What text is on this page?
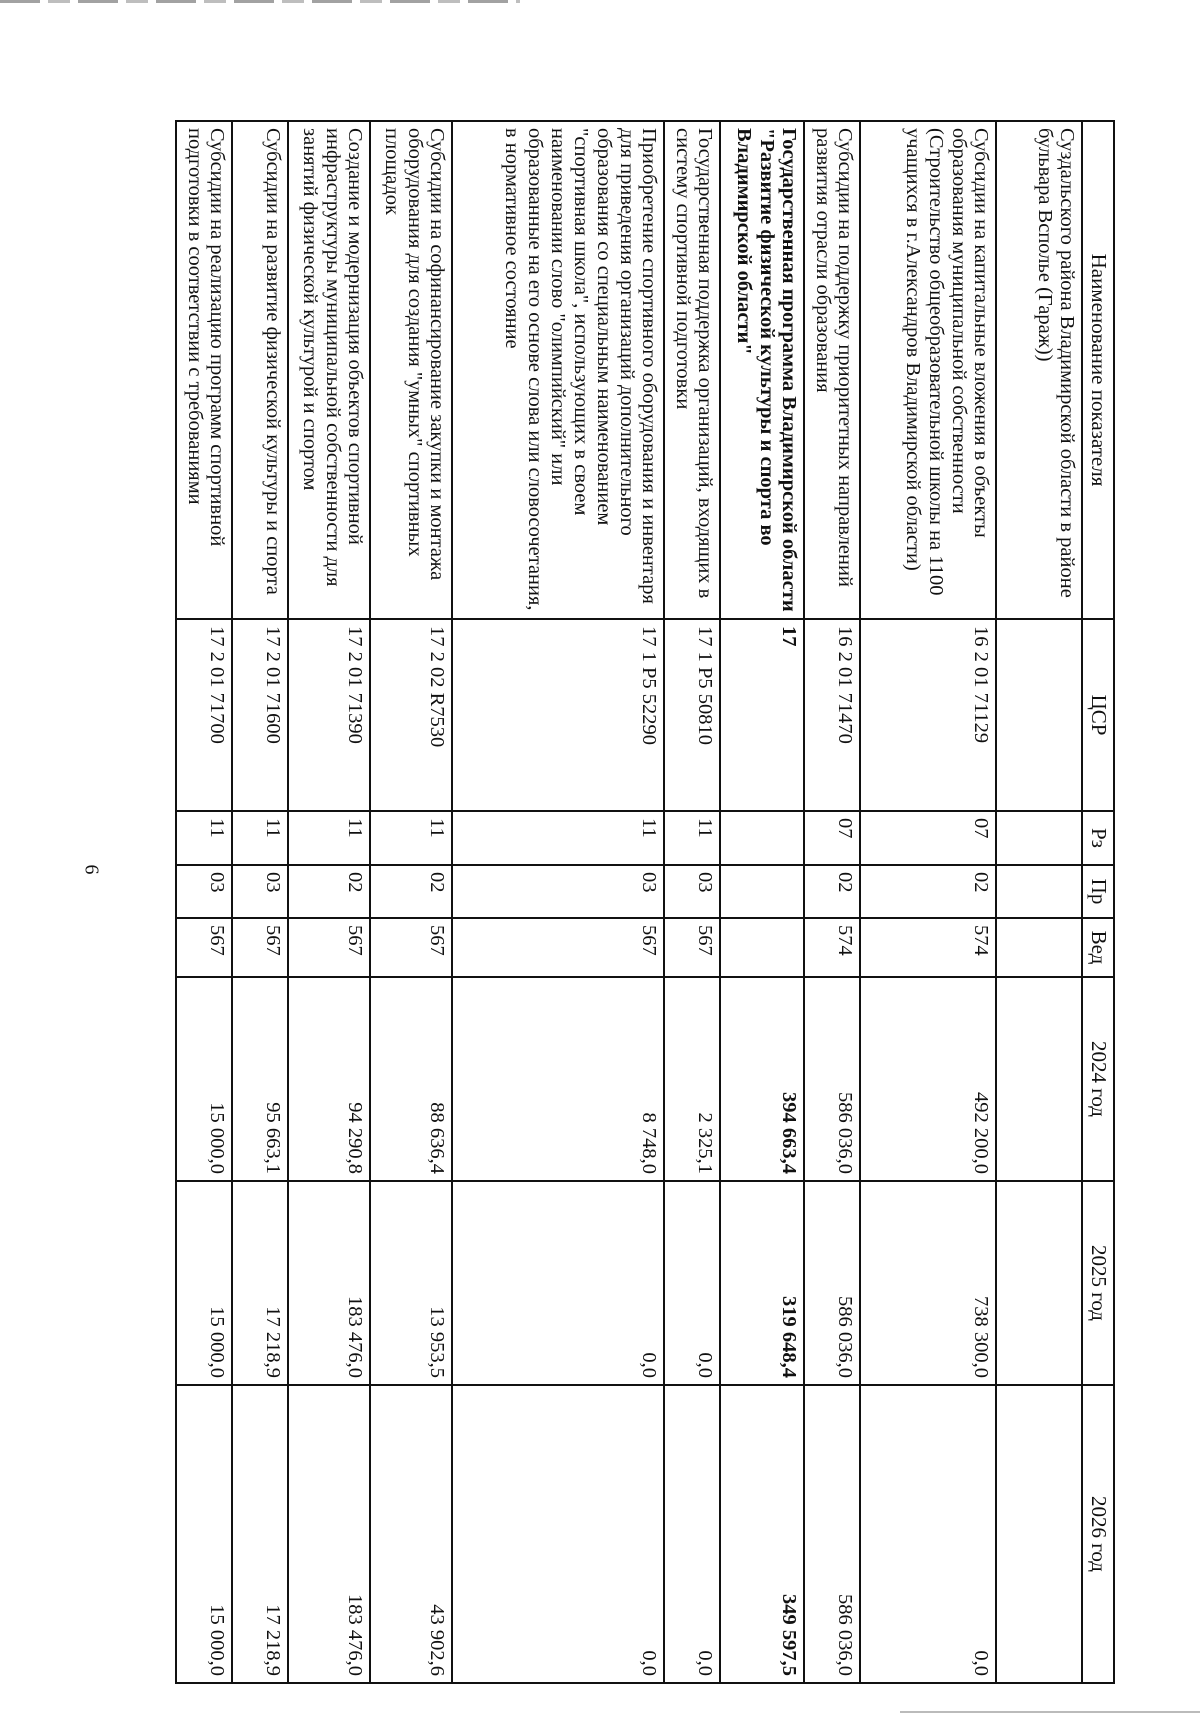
6
Наименование показателя	ЦСР	Рз	Пр	Вед	2024 год	2025 год	2026 год
Суздальского района Владимирской области в районе бульвара Всполье (Гараж))							
Субсидии на капитальные вложения в объекты образования муниципальной собственности (Строительство общеобразовательной школы на 1100 учащихся в г.Александров Владимирской области)	16 2 01 71129	07	02	574	492 200,0	738 300,0	0,0
Субсидии на поддержку приоритетных направлений развития отрасли образования	16 2 01 71470	07	02	574	586 036,0	586 036,0	586 036,0
Государственная программа Владимирской области "Развитие физической культуры и спорта во Владимирской области"	17				394 663,4	319 648,4	349 597,5
Государственная поддержка организаций, входящих в систему спортивной подготовки	17 1 P5 50810	11	03	567	2 325,1	0,0	0,0
Приобретение спортивного оборудования и инвентаря для приведения организаций дополнительного образования со специальным наименованием "спортивная школа", использующих в своем наименовании слово "олимпийский" или образованные на его основе слова или словосочетания, в нормативное состояние	17 1 P5 52290	11	03	567	8 748,0	0,0	0,0
Субсидии на софинансирование закупки и монтажа оборудования для создания "умных" спортивных площадок	17 2 02 R7530	11	02	567	88 636,4	13 953,5	43 902,6
Создание и модернизация объектов спортивной инфраструктуры муниципальной собственности для занятий физической культурой и спортом	17 2 01 71390	11	02	567	94 290,8	183 476,0	183 476,0
Субсидии на развитие физической культуры и спорта	17 2 01 71600	11	03	567	95 663,1	17 218,9	17 218,9
Субсидии на реализацию программ спортивной подготовки в соответствии с требованиями	17 2 01 71700	11	03	567	15 000,0	15 000,0	15 000,0
